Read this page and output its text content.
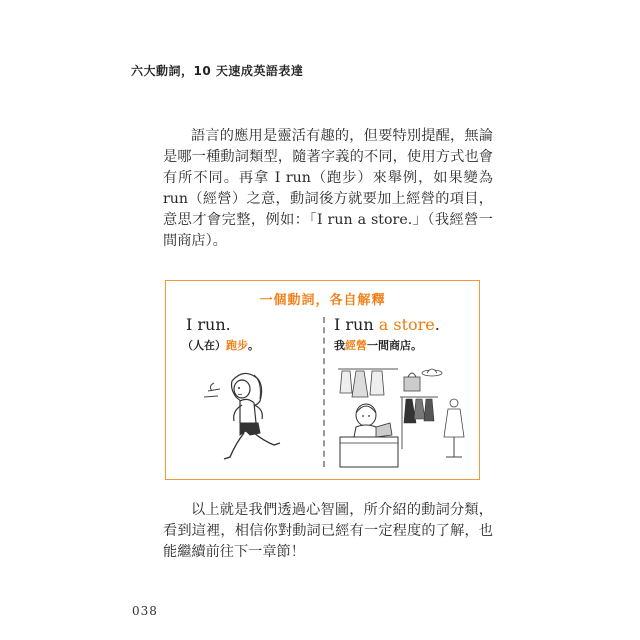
六大動詞，10 天速成英語表達

語言的應用是靈活有趣的，但要特別提醒，無論是哪一種動詞類型，隨著字義的不同，使用方式也會有所不同。再拿 I run（跑步）來舉例，如果變為 run（經營）之意，動詞後方就要加上經營的項目，意思才會完整，例如：「I run a store.」（我經營一間商店）。

一個動詞，各自解釋
I run.
（人在）跑步。
I run a store.
我經營一間商店。

以上就是我們透過心智圖，所介紹的動詞分類，看到這裡，相信你對動詞已經有一定程度的了解，也能繼續前往下一章節！

038
